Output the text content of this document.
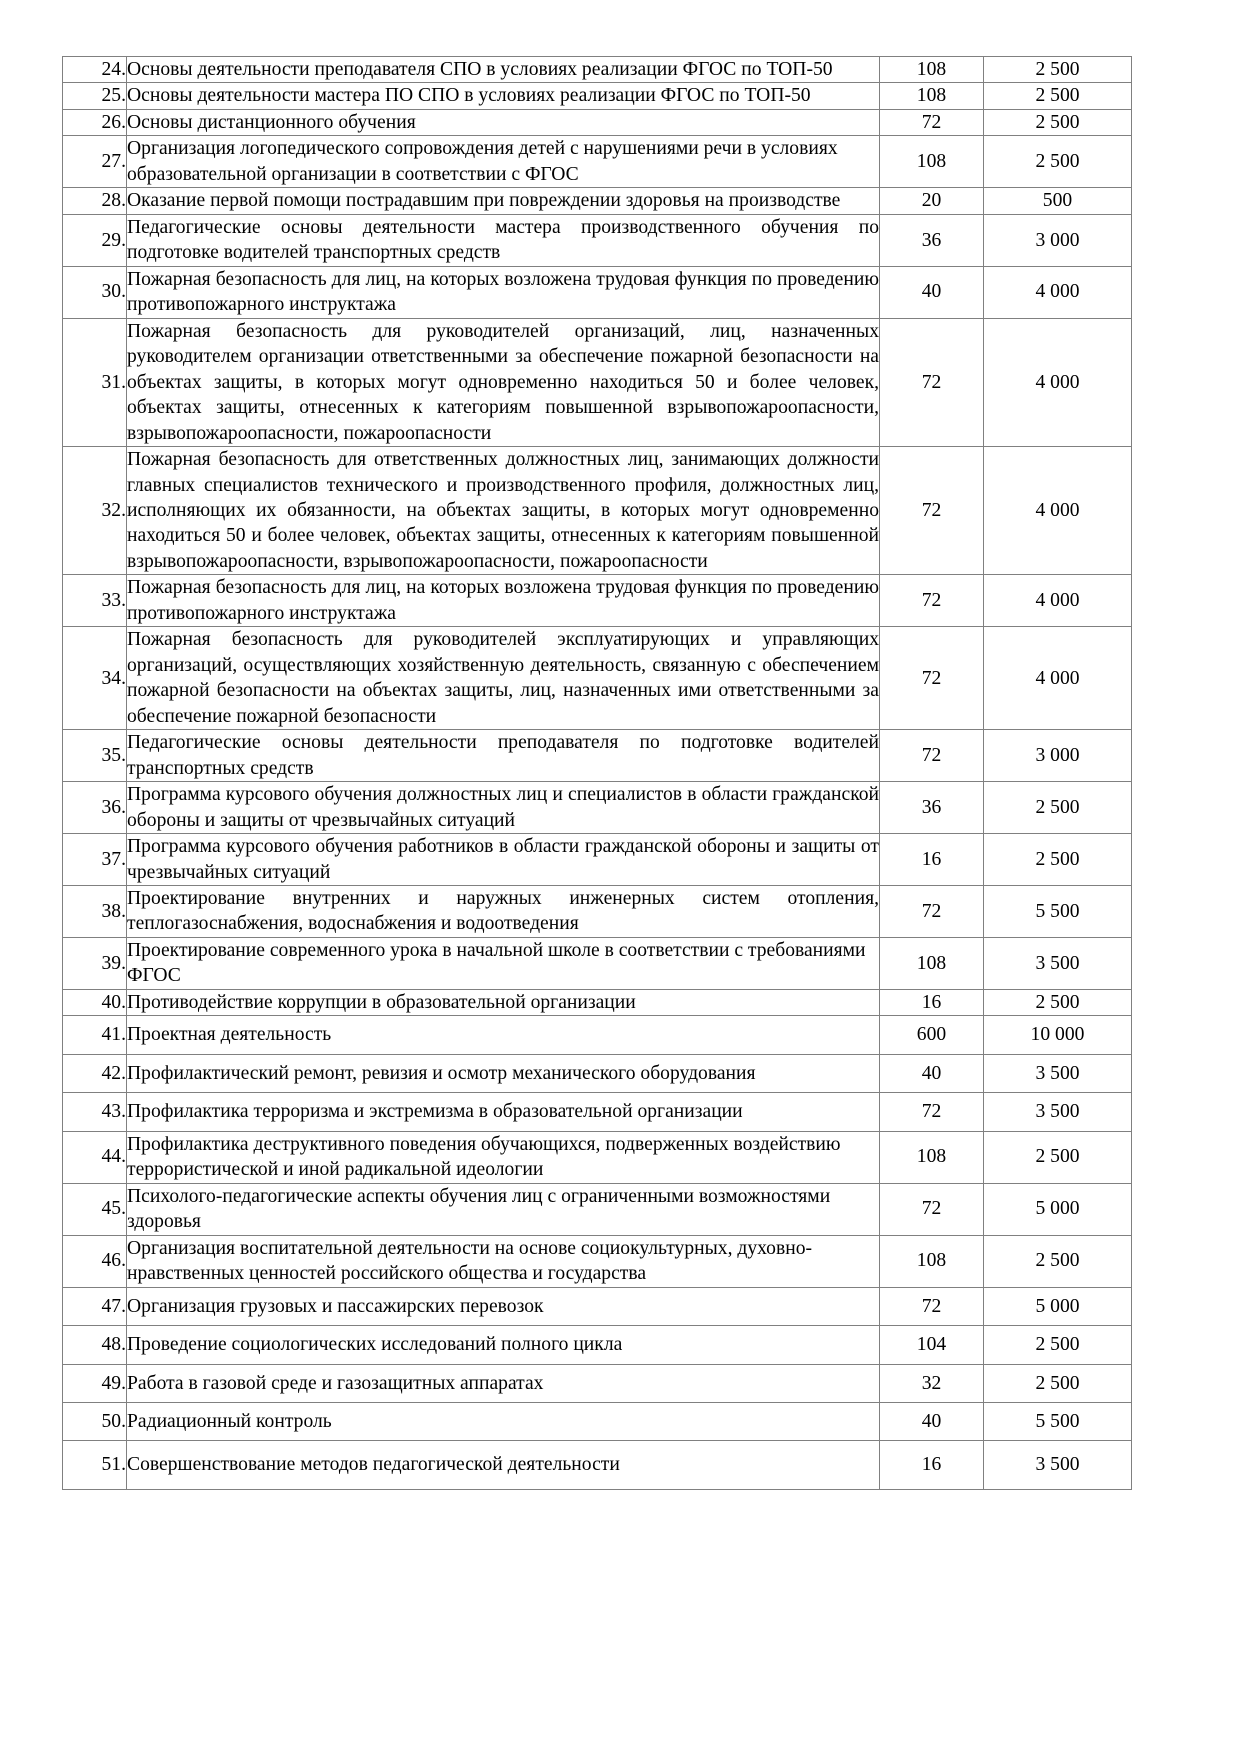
24.	Основы деятельности преподавателя СПО в условиях реализации ФГОС по ТОП-50	108	2 500
25.	Основы деятельности мастера ПО СПО в условиях реализации ФГОС по ТОП-50	108	2 500
26.	Основы дистанционного обучения	72	2 500
27.	Организация логопедического сопровождения детей с нарушениями речи в условиях образовательной организации в соответствии с ФГОС	108	2 500
28.	Оказание первой помощи пострадавшим при повреждении здоровья на производстве	20	500
29.	Педагогические основы деятельности мастера производственного обучения по подготовке водителей транспортных средств	36	3 000
30.	Пожарная безопасность для лиц, на которых возложена трудовая функция по проведению противопожарного инструктажа	40	4 000
31.	Пожарная безопасность для руководителей организаций, лиц, назначенных руководителем организации ответственными за обеспечение пожарной безопасности на объектах защиты, в которых могут одновременно находиться 50 и более человек, объектах защиты, отнесенных к категориям повышенной взрывопожароопасности, взрывопожароопасности, пожароопасности	72	4 000
32.	Пожарная безопасность для ответственных должностных лиц, занимающих должности главных специалистов технического и производственного профиля, должностных лиц, исполняющих их обязанности, на объектах защиты, в которых могут одновременно находиться 50 и более человек, объектах защиты, отнесенных к категориям повышенной взрывопожароопасности, взрывопожароопасности, пожароопасности	72	4 000
33.	Пожарная безопасность для лиц, на которых возложена трудовая функция по проведению противопожарного инструктажа	72	4 000
34.	Пожарная безопасность для руководителей эксплуатирующих и управляющих организаций, осуществляющих хозяйственную деятельность, связанную с обеспечением пожарной безопасности на объектах защиты, лиц, назначенных ими ответственными за обеспечение пожарной безопасности	72	4 000
35.	Педагогические основы деятельности преподавателя по подготовке водителей транспортных средств	72	3 000
36.	Программа курсового обучения должностных лиц и специалистов в области гражданской обороны и защиты от чрезвычайных ситуаций	36	2 500
37.	Программа курсового обучения работников в области гражданской обороны и защиты от чрезвычайных ситуаций	16	2 500
38.	Проектирование внутренних и наружных инженерных систем отопления, теплогазоснабжения, водоснабжения и водоотведения	72	5 500
39.	Проектирование современного урока в начальной школе в соответствии с требованиями ФГОС	108	3 500
40.	Противодействие коррупции в образовательной организации	16	2 500
41.	Проектная деятельность	600	10 000
42.	Профилактический ремонт, ревизия и осмотр механического оборудования	40	3 500
43.	Профилактика терроризма и экстремизма в образовательной организации	72	3 500
44.	Профилактика деструктивного поведения обучающихся, подверженных воздействию террористической и иной радикальной идеологии	108	2 500
45.	Психолого-педагогические аспекты обучения лиц с ограниченными возможностями здоровья	72	5 000
46.	Организация воспитательной деятельности на основе социокультурных, духовно-нравственных ценностей российского общества и государства	108	2 500
47.	Организация грузовых и пассажирских перевозок	72	5 000
48.	Проведение социологических исследований полного цикла	104	2 500
49.	Работа в газовой среде и газозащитных аппаратах	32	2 500
50.	Радиационный контроль	40	5 500
51.	Совершенствование методов педагогической деятельности	16	3 500
